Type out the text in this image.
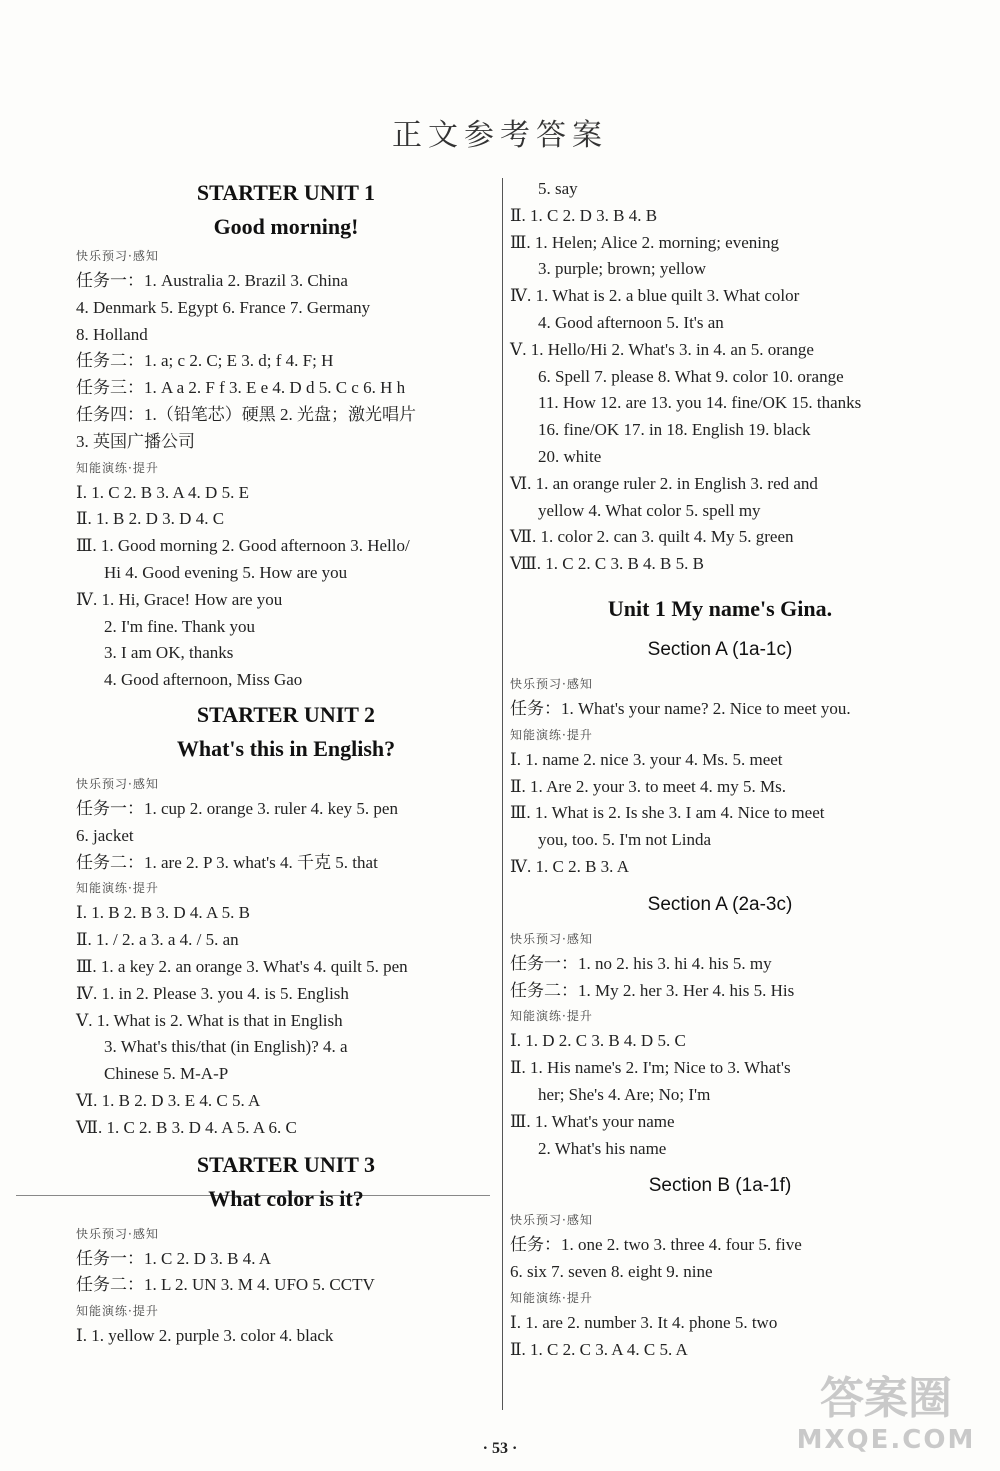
正文参考答案
STARTER UNIT 1
Good morning!
快乐预习·感知
任务一：1. Australia 2. Brazil 3. China
4. Denmark 5. Egypt 6. France 7. Germany
8. Holland
任务二：1. a; c 2. C; E 3. d; f 4. F; H
任务三：1. A a 2. F f 3. E e 4. D d 5. C c 6. H h
任务四：1.（铅笔芯）硬黑 2. 光盘；激光唱片
3. 英国广播公司
知能演练·提升
Ⅰ. 1. C 2. B 3. A 4. D 5. E
Ⅱ. 1. B 2. D 3. D 4. C
Ⅲ. 1. Good morning 2. Good afternoon 3. Hello/
Hi 4. Good evening 5. How are you
Ⅳ. 1. Hi, Grace! How are you
2. I'm fine. Thank you
3. I am OK, thanks
4. Good afternoon, Miss Gao
STARTER UNIT 2
What's this in English?
快乐预习·感知
任务一：1. cup 2. orange 3. ruler 4. key 5. pen
6. jacket
任务二：1. are 2. P 3. what's 4. 千克 5. that
知能演练·提升
Ⅰ. 1. B 2. B 3. D 4. A 5. B
Ⅱ. 1. / 2. a 3. a 4. / 5. an
Ⅲ. 1. a key 2. an orange 3. What's 4. quilt 5. pen
Ⅳ. 1. in 2. Please 3. you 4. is 5. English
Ⅴ. 1. What is 2. What is that in English
3. What's this/that (in English)? 4. a
Chinese 5. M-A-P
Ⅵ. 1. B 2. D 3. E 4. C 5. A
Ⅶ. 1. C 2. B 3. D 4. A 5. A 6. C
STARTER UNIT 3
What color is it?
快乐预习·感知
任务一：1. C 2. D 3. B 4. A
任务二：1. L 2. UN 3. M 4. UFO 5. CCTV
知能演练·提升
Ⅰ. 1. yellow 2. purple 3. color 4. black
5. say
Ⅱ. 1. C 2. D 3. B 4. B
Ⅲ. 1. Helen; Alice 2. morning; evening
3. purple; brown; yellow
Ⅳ. 1. What is 2. a blue quilt 3. What color
4. Good afternoon 5. It's an
Ⅴ. 1. Hello/Hi 2. What's 3. in 4. an 5. orange
6. Spell 7. please 8. What 9. color 10. orange
11. How 12. are 13. you 14. fine/OK 15. thanks
16. fine/OK 17. in 18. English 19. black
20. white
Ⅵ. 1. an orange ruler 2. in English 3. red and
yellow 4. What color 5. spell my
Ⅶ. 1. color 2. can 3. quilt 4. My 5. green
Ⅷ. 1. C 2. C 3. B 4. B 5. B
Unit 1 My name's Gina.
Section A (1a-1c)
快乐预习·感知
任务：1. What's your name? 2. Nice to meet you.
知能演练·提升
Ⅰ. 1. name 2. nice 3. your 4. Ms. 5. meet
Ⅱ. 1. Are 2. your 3. to meet 4. my 5. Ms.
Ⅲ. 1. What is 2. Is she 3. I am 4. Nice to meet
you, too. 5. I'm not Linda
Ⅳ. 1. C 2. B 3. A
Section A (2a-3c)
快乐预习·感知
任务一：1. no 2. his 3. hi 4. his 5. my
任务二：1. My 2. her 3. Her 4. his 5. His
知能演练·提升
Ⅰ. 1. D 2. C 3. B 4. D 5. C
Ⅱ. 1. His name's 2. I'm; Nice to 3. What's
her; She's 4. Are; No; I'm
Ⅲ. 1. What's your name
2. What's his name
Section B (1a-1f)
快乐预习·感知
任务：1. one 2. two 3. three 4. four 5. five
6. six 7. seven 8. eight 9. nine
知能演练·提升
Ⅰ. 1. are 2. number 3. It 4. phone 5. two
Ⅱ. 1. C 2. C 3. A 4. C 5. A
· 53 ·
答案圈
MXQE.COM
